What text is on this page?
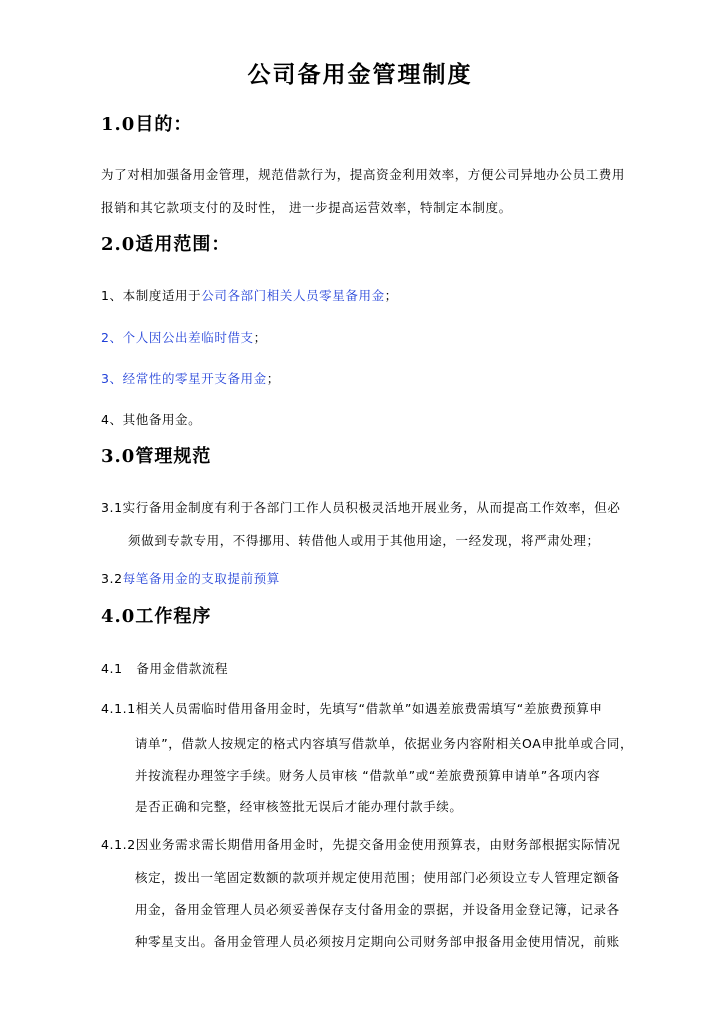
公司备用金管理制度
1.0目的：
为了对相加强备用金管理，规范借款行为，提高资金利用效率，方便公司异地办公员工费用
报销和其它款项支付的及时性， 进一步提高运营效率，特制定本制度。
2.0适用范围：
1、本制度适用于公司各部门相关人员零星备用金；
2、个人因公出差临时借支；
3、经常性的零星开支备用金；
4、其他备用金。
3.0管理规范
3.1实行备用金制度有利于各部门工作人员积极灵活地开展业务，从而提高工作效率，但必
须做到专款专用，不得挪用、转借他人或用于其他用途，一经发现，将严肃处理；
3.2每笔备用金的支取提前预算
4.0工作程序
4.1   备用金借款流程
4.1.1相关人员需临时借用备用金时，先填写“借款单”如遇差旅费需填写“差旅费预算申
请单”，借款人按规定的格式内容填写借款单，依据业务内容附相关OA申批单或合同，
并按流程办理签字手续。财务人员审核 “借款单”或“差旅费预算申请单”各项内容
是否正确和完整，经审核签批无误后才能办理付款手续。
4.1.2因业务需求需长期借用备用金时，先提交备用金使用预算表，由财务部根据实际情况
核定，拨出一笔固定数额的款项并规定使用范围；使用部门必须设立专人管理定额备
用金，备用金管理人员必须妥善保存支付备用金的票据，并设备用金登记簿，记录各
种零星支出。备用金管理人员必须按月定期向公司财务部申报备用金使用情况，前账
